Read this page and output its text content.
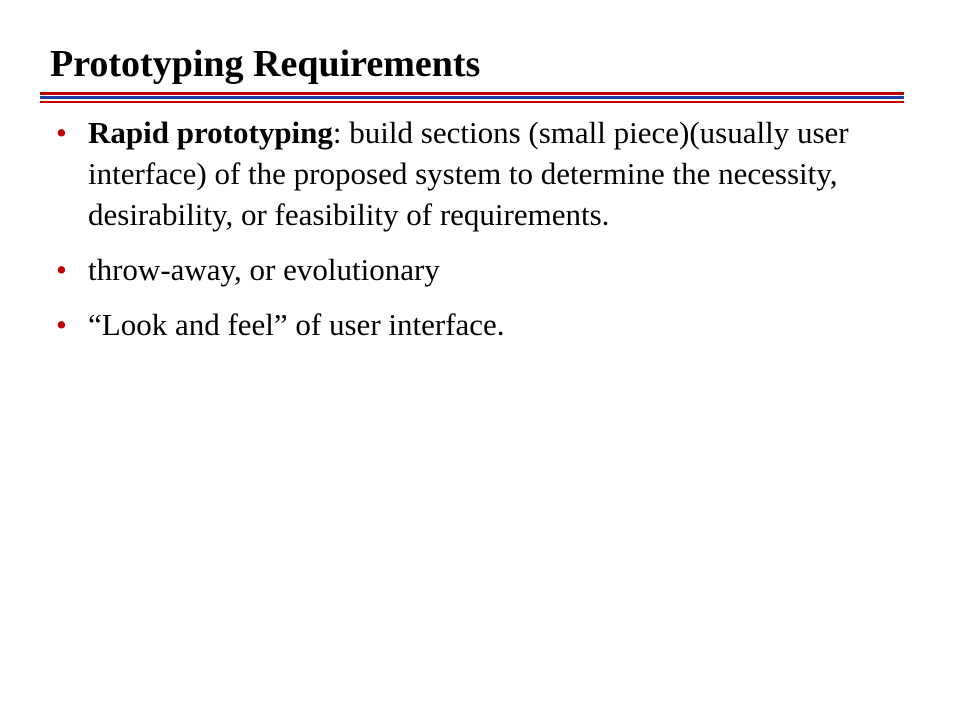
Prototyping Requirements
• Rapid prototyping: build sections (small piece)(usually user interface) of the proposed system to determine the necessity, desirability, or feasibility of requirements.
• throw-away, or evolutionary
• “Look and feel” of user interface.
